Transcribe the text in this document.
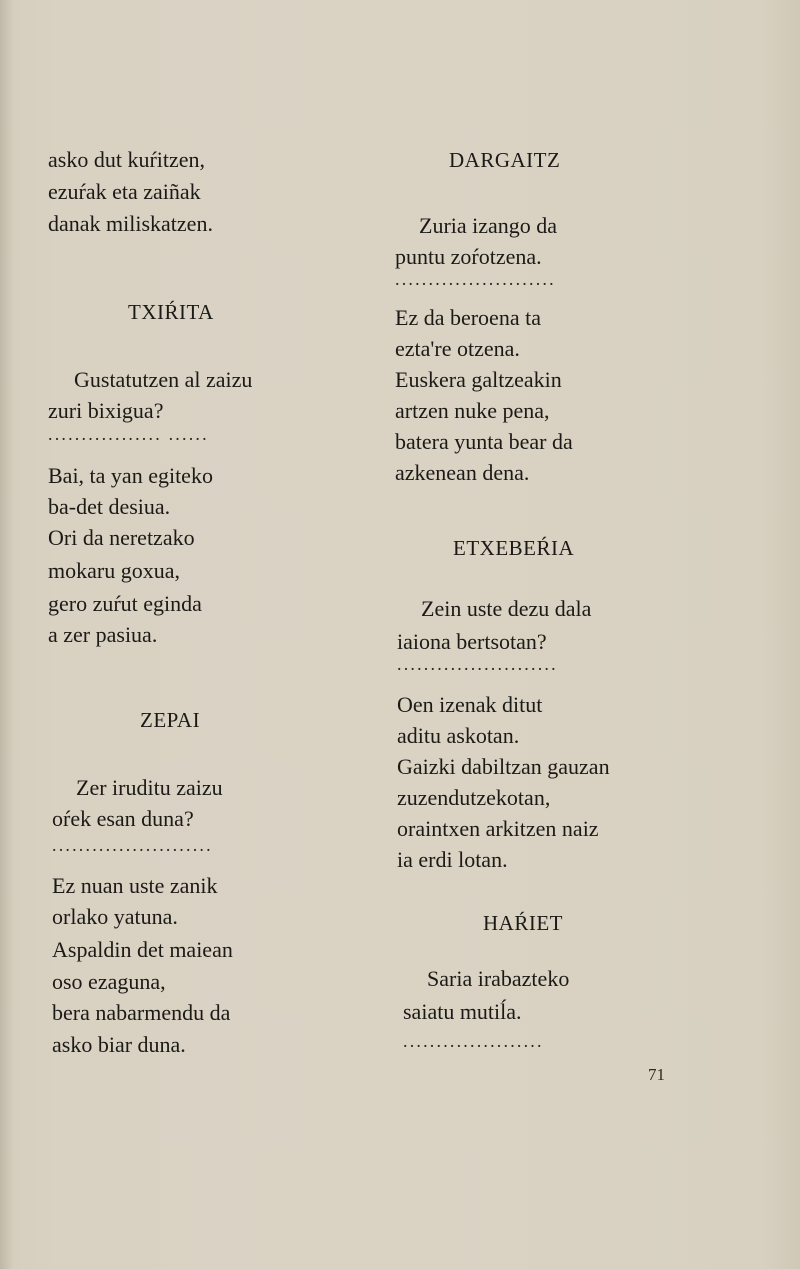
asko dut kuŕitzen,
ezuŕak eta zaiñak
danak miliskatzen.
TXIŔITA
Gustatutzen al zaizu
zuri bixigua?
................. ......
Bai, ta yan egiteko
ba-det desiua.
Ori da neretzako
mokaru goxua,
gero zuŕut eginda
a zer pasiua.
ZEPAI
Zer iruditu zaizu
oŕek esan duna?
........................
Ez nuan uste zanik
orlako yatuna.
Aspaldin det maiean
oso ezaguna,
bera nabarmendu da
asko biar duna.
DARGAITZ
Zuria izango da
puntu zoŕotzena.
........................
Ez da beroena ta
ezta're otzena.
Euskera galtzeakin
artzen nuke pena,
batera yunta bear da
azkenean dena.
ETXEBEŔIA
Zein uste dezu dala
iaiona bertsotan?
........................
Oen izenak ditut
aditu askotan.
Gaizki dabiltzan gauzan
zuzendutzekotan,
oraintxen arkitzen naiz
ia erdi lotan.
HAŔIET
Saria irabazteko
saiatu mutiĺa.
.....................
71
